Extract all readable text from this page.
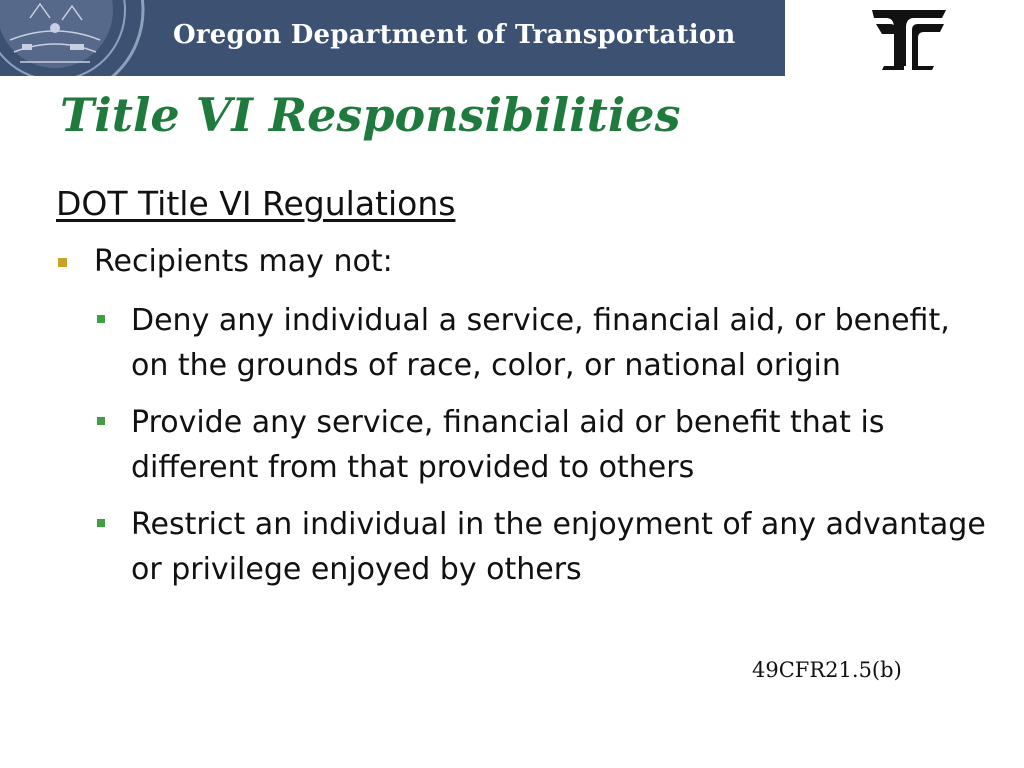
Oregon Department of Transportation
Title VI Responsibilities
DOT Title VI Regulations
Recipients may not:
Deny any individual a service, financial aid, or benefit, on the grounds of race, color, or national origin
Provide any service, financial aid or benefit that is different from that provided to others
Restrict an individual in the enjoyment of any advantage or privilege enjoyed by others
49CFR21.5(b)
